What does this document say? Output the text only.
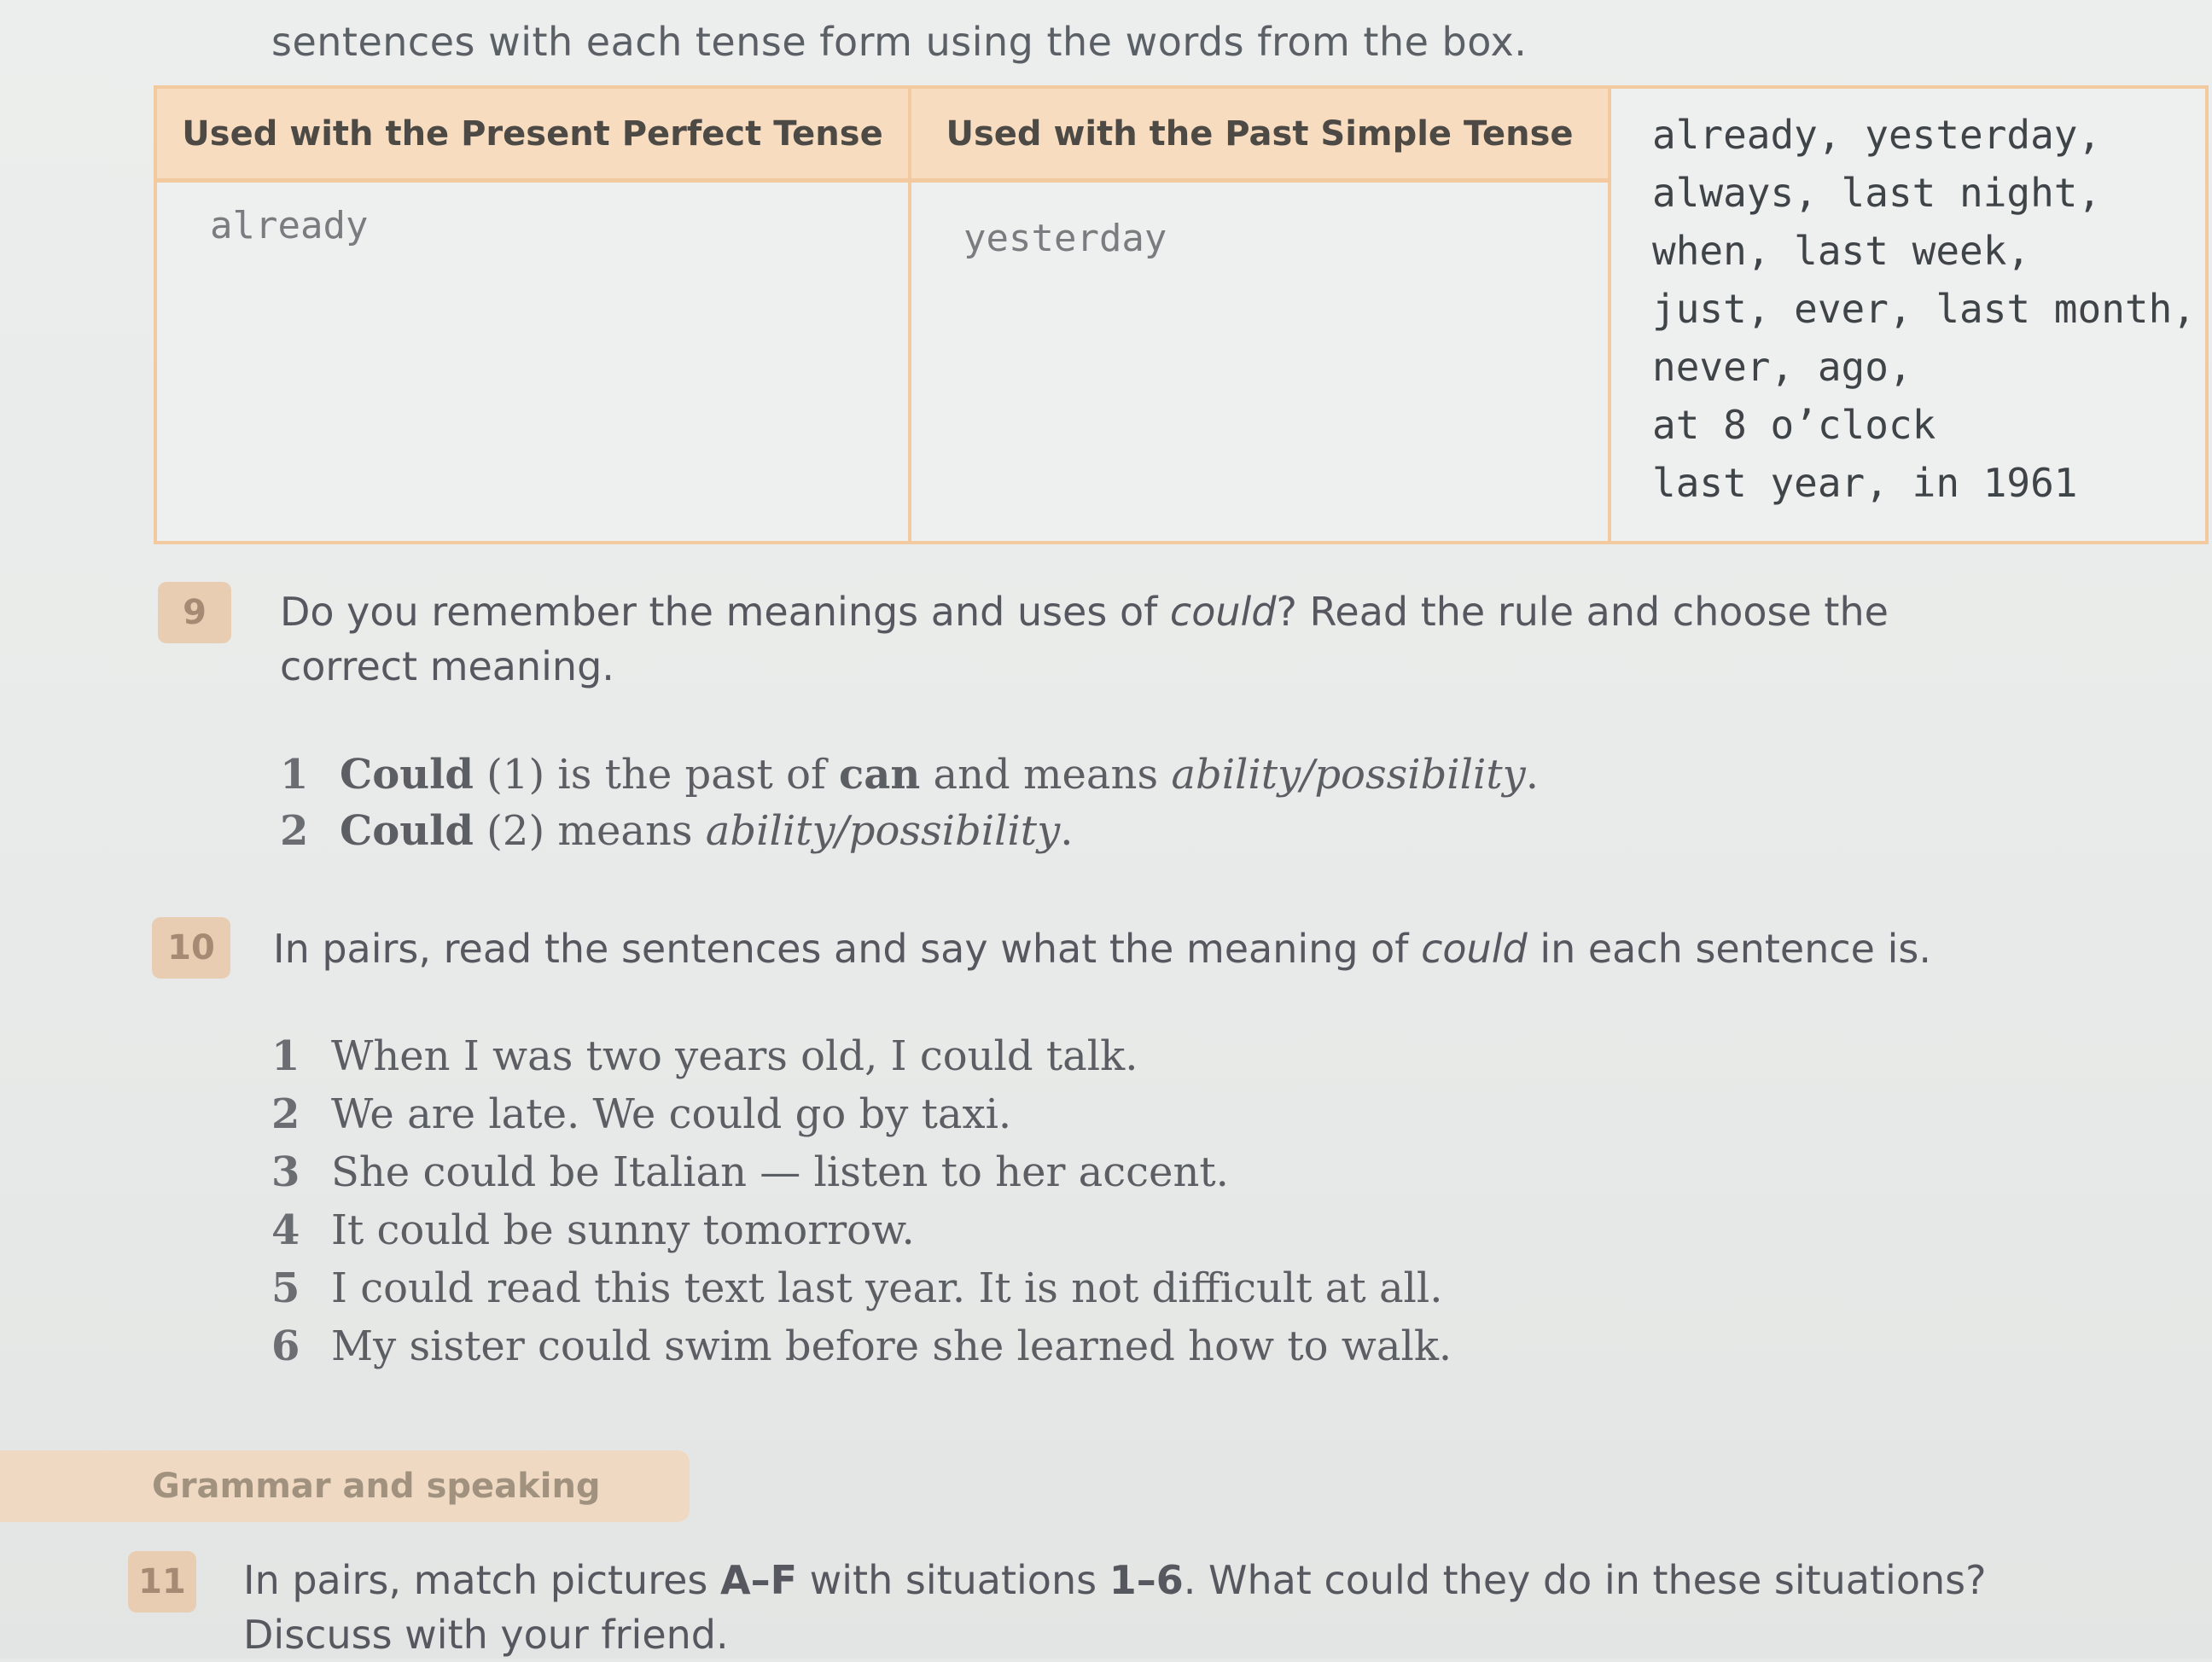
sentences with each tense form using the words from the box.
Used with the Present Perfect Tense	Used with the Past Simple Tense
already	yesterday
already, yesterday,
always, last night,
when, last week,
just, ever, last month,
never, ago,
at 8 o’clock
last year, in 1961
9	Do you remember the meanings and uses of could? Read the rule and choose the
correct meaning.
1 Could (1) is the past of can and means ability/possibility.
2 Could (2) means ability/possibility.
10	In pairs, read the sentences and say what the meaning of could in each sentence is.
1 When I was two years old, I could talk.
2 We are late. We could go by taxi.
3 She could be Italian — listen to her accent.
4 It could be sunny tomorrow.
5 I could read this text last year. It is not difficult at all.
6 My sister could swim before she learned how to walk.
Grammar and speaking
11 In pairs, match pictures A–F with situations 1–6. What could they do in these situations?
Discuss with your friend.
